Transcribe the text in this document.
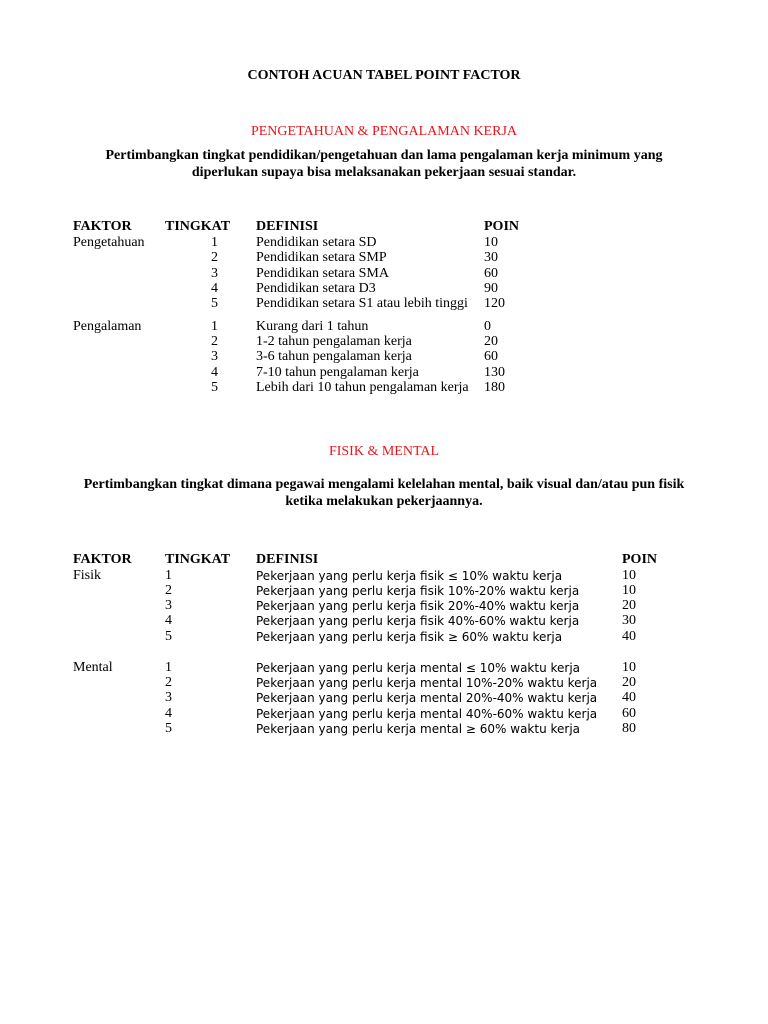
CONTOH ACUAN TABEL POINT FACTOR
PENGETAHUAN & PENGALAMAN KERJA
Pertimbangkan tingkat pendidikan/pengetahuan dan lama pengalaman kerja minimum yang
diperlukan supaya bisa melaksanakan pekerjaan sesuai standar.
FAKTOR TINGKAT DEFINISI	POIN
Pengetahuan	1	Pendidikan setara SD	10
2	Pendidikan setara SMP	30
3	Pendidikan setara SMA	60
4	Pendidikan setara D3	90
5	Pendidikan setara S1 atau lebih tinggi 120
Pengalaman	1	Kurang dari 1 tahun	0
2	1-2 tahun pengalaman kerja	20
3	3-6 tahun pengalaman kerja	60
4	7-10 tahun pengalaman kerja	130
5	Lebih dari 10 tahun pengalaman kerja 180
FISIK & MENTAL
Pertimbangkan tingkat dimana pegawai mengalami kelelahan mental, baik visual dan/atau pun fisik
ketika melakukan pekerjaannya.
FAKTOR TINGKAT DEFINISI	POIN
Fisik	1	Pekerjaan yang perlu kerja fisik ≤ 10% waktu kerja	10
2	Pekerjaan yang perlu kerja fisik 10%-20% waktu kerja	10
3	Pekerjaan yang perlu kerja fisik 20%-40% waktu kerja	20
4	Pekerjaan yang perlu kerja fisik 40%-60% waktu kerja	30
5	Pekerjaan yang perlu kerja fisik ≥ 60% waktu kerja	40
Mental	1	Pekerjaan yang perlu kerja mental ≤ 10% waktu kerja	10
2	Pekerjaan yang perlu kerja mental 10%-20% waktu kerja 20
3	Pekerjaan yang perlu kerja mental 20%-40% waktu kerja 40
4	Pekerjaan yang perlu kerja mental 40%-60% waktu kerja 60
5	Pekerjaan yang perlu kerja mental ≥ 60% waktu kerja	80
